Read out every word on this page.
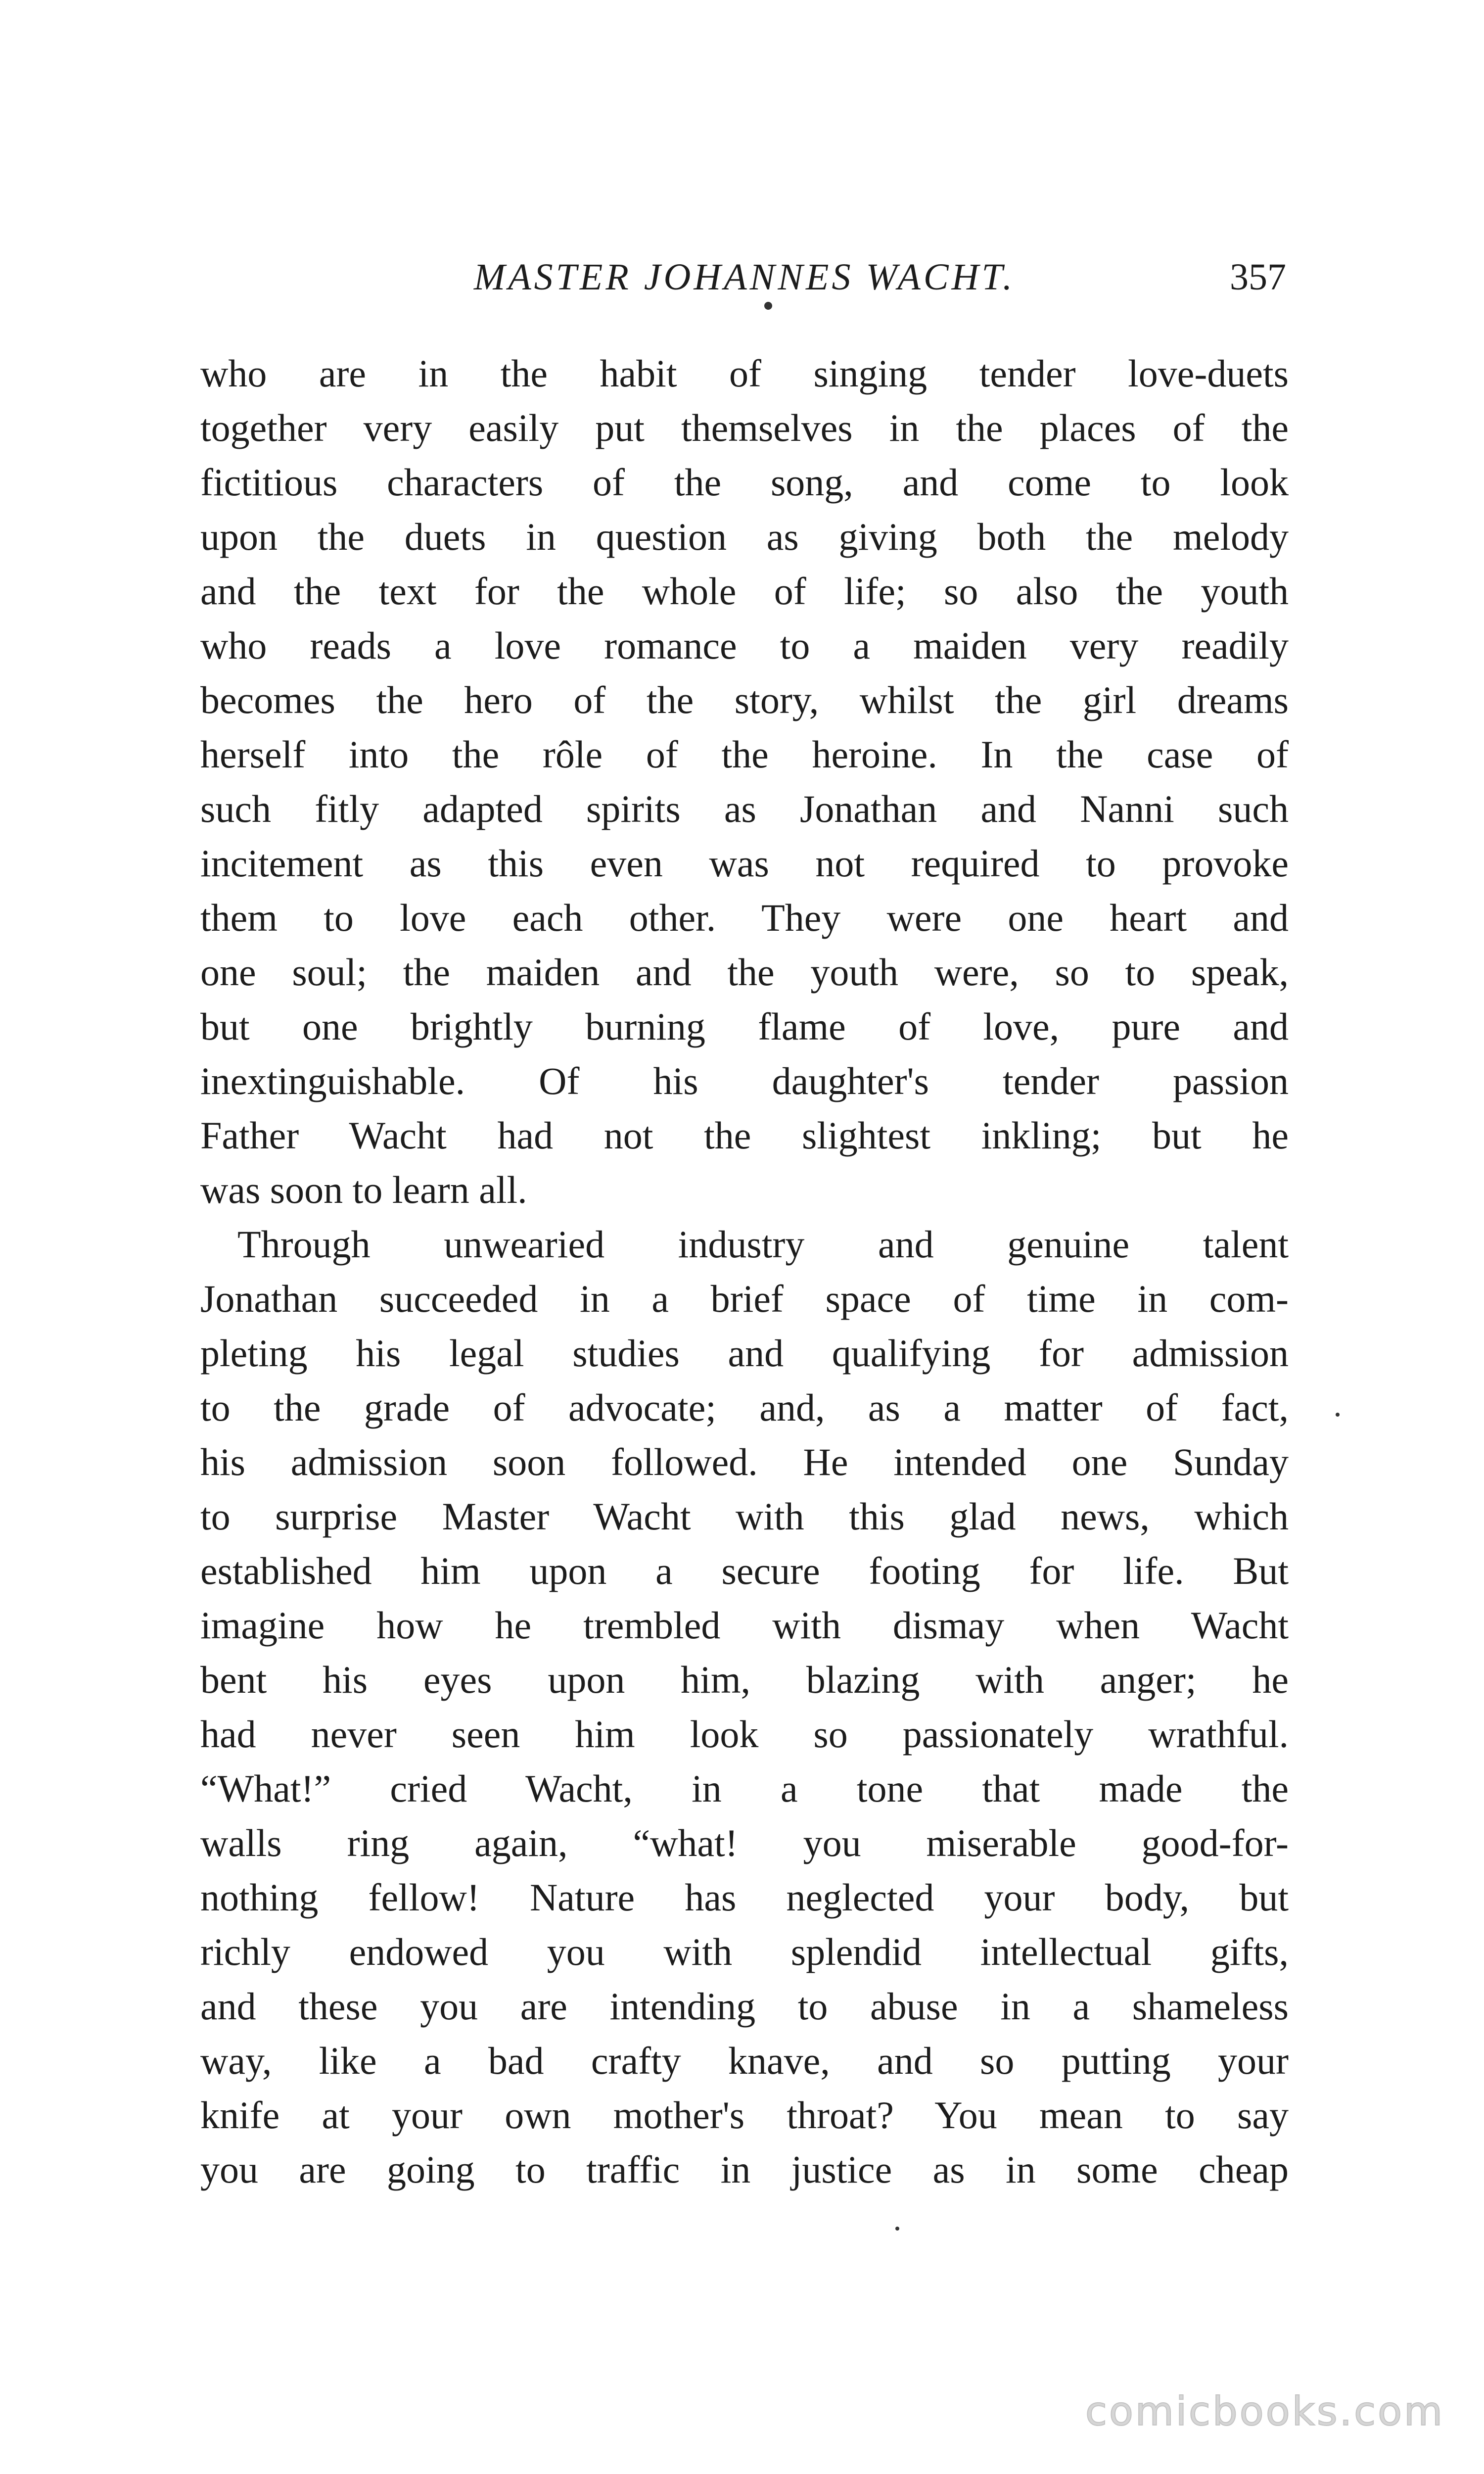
MASTER JOHANNES WACHT.	357
who are in the habit of singing tender love-duets
together very easily put themselves in the places of the
fictitious characters of the song, and come to look
upon the duets in question as giving both the melody
and the text for the whole of life; so also the youth
who reads a love romance to a maiden very readily
becomes the hero of the story, whilst the girl dreams
herself into the rôle of the heroine. In the case of
such fitly adapted spirits as Jonathan and Nanni such
incitement as this even was not required to provoke
them to love each other. They were one heart and
one soul; the maiden and the youth were, so to speak,
but one brightly burning flame of love, pure and
inextinguishable. Of his daughter's tender passion
Father Wacht had not the slightest inkling; but he
was soon to learn all.
Through unwearied industry and genuine talent
Jonathan succeeded in a brief space of time in com-
pleting his legal studies and qualifying for admission
to the grade of advocate; and, as a matter of fact,
his admission soon followed. He intended one Sunday
to surprise Master Wacht with this glad news, which
established him upon a secure footing for life. But
imagine how he trembled with dismay when Wacht
bent his eyes upon him, blazing with anger; he
had never seen him look so passionately wrathful.
“What!” cried Wacht, in a tone that made the
walls ring again, “what! you miserable good-for-
nothing fellow! Nature has neglected your body, but
richly endowed you with splendid intellectual gifts,
and these you are intending to abuse in a shameless
way, like a bad crafty knave, and so putting your
knife at your own mother's throat? You mean to say
you are going to traffic in justice as in some cheap
comicbooks.com
